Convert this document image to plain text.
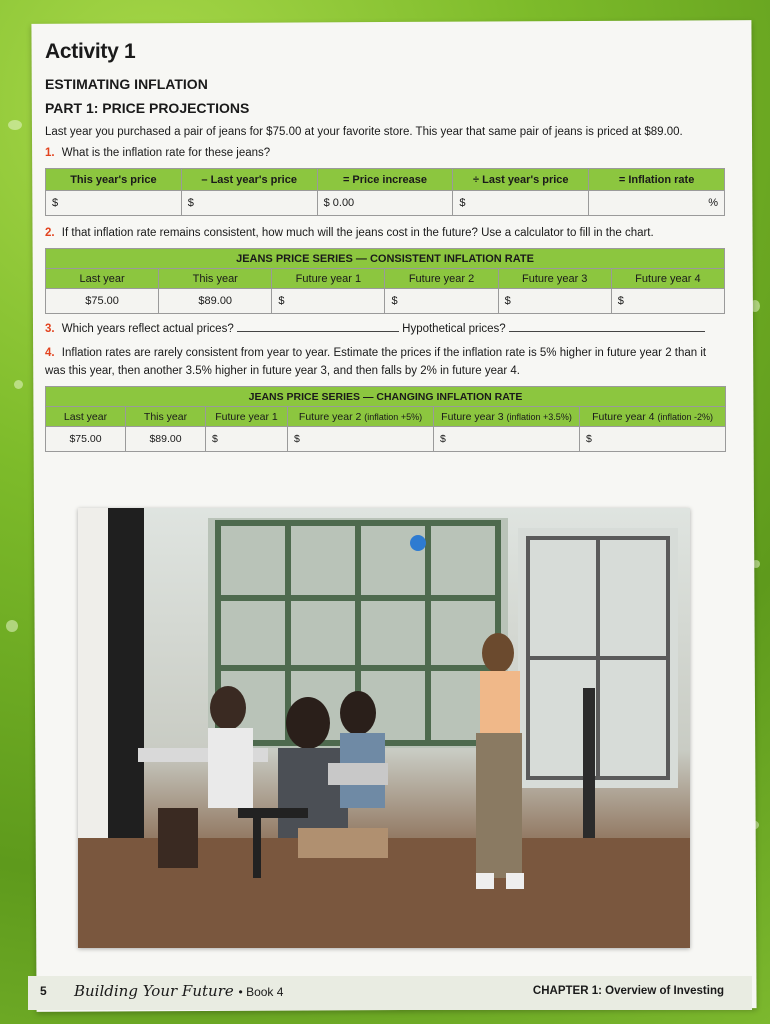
Activity 1
ESTIMATING INFLATION
PART 1: PRICE PROJECTIONS

Last year you purchased a pair of jeans for $75.00 at your favorite store. This year that same pair of jeans is priced at $89.00.

1. What is the inflation rate for these jeans?
This year's price	– Last year's price	= Price increase	÷ Last year's price	= Inflation rate
$	$	$ 0.00	$	%
2. If that inflation rate remains consistent, how much will the jeans cost in the future? Use a calculator to fill in the chart.
JEANS PRICE SERIES — CONSISTENT INFLATION RATE					
Last year	This year	Future year 1	Future year 2	Future year 3	Future year 4
$75.00	$89.00	$	$	$	$
3. Which years reflect actual prices?	Hypothetical prices?
4. Inflation rates are rarely consistent from year to year. Estimate the prices if the inflation rate is 5% higher in future year 2 than it was this year, then another 3.5% higher in future year 3, and then falls by 2% in future year 4.
JEANS PRICE SERIES — CHANGING INFLATION RATE					
Last year	This year	Future year 1	Future year 2 (inflation +5%)	Future year 3 (inflation +3.5%)	Future year 4 (inflation -2%)
$75.00	$89.00	$	$	$	$
5 Building Your Future • Book 4	CHAPTER 1: Overview of Investing
